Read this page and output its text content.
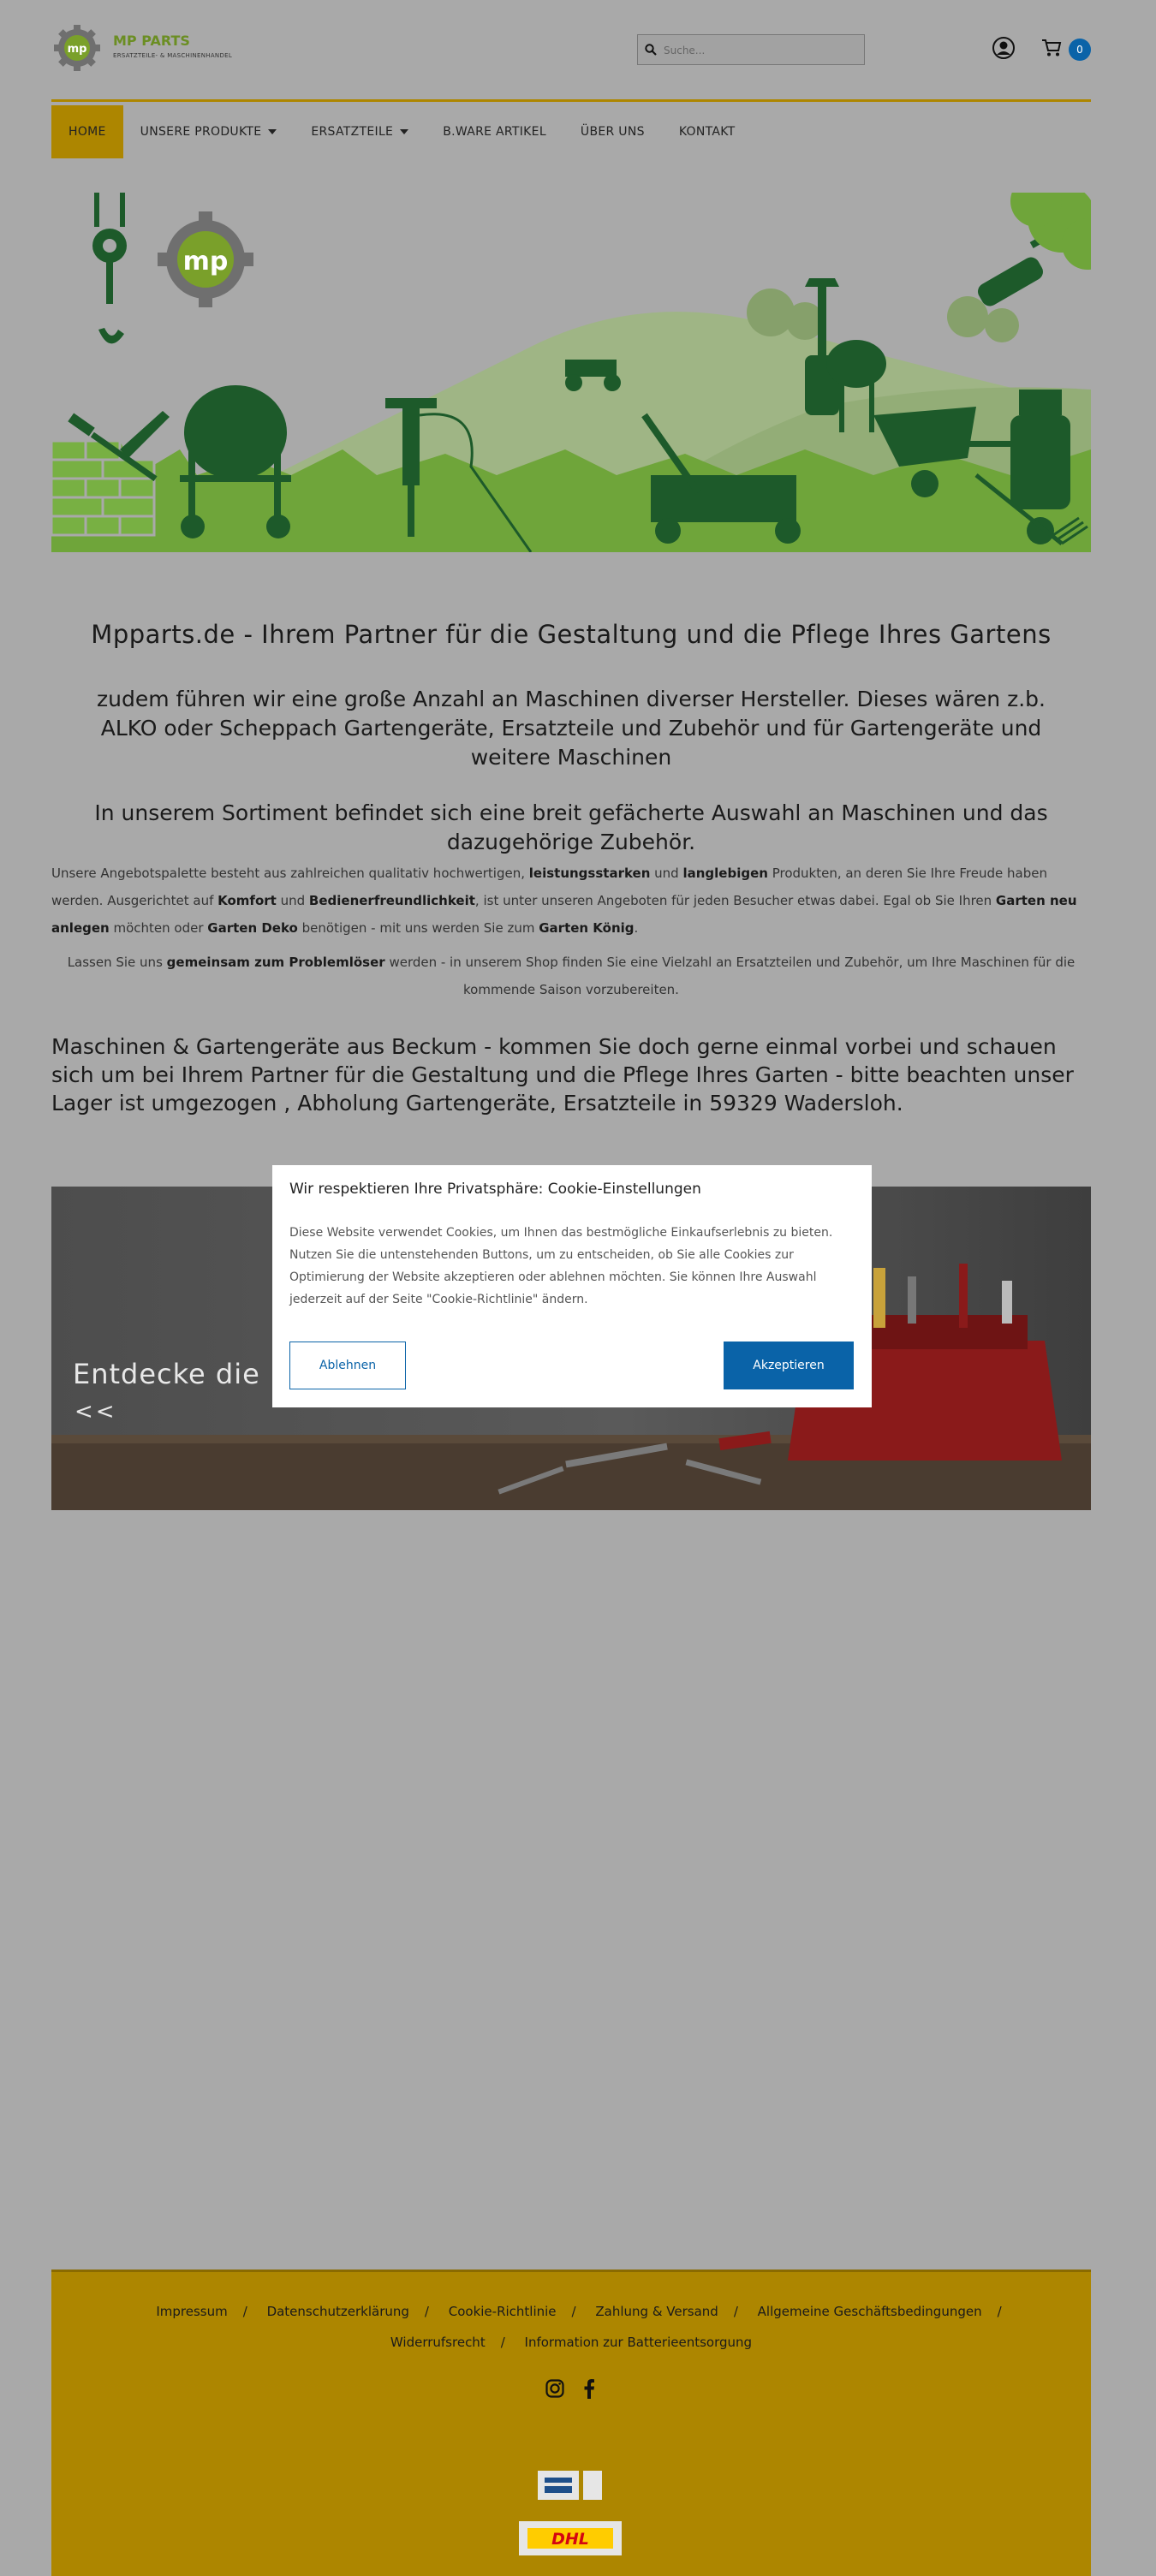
mp
MP PARTS
ERSATZTEILE- & MASCHINENHANDEL
Suche...	0
HOME	UNSERE PRODUKTE	ERSATZTEILE	B.WARE ARTIKEL	ÜBER UNS	KONTAKT
mp
Mpparts.de - Ihrem Partner für die Gestaltung und die Pflege Ihres Gartens
zudem führen wir eine große Anzahl an Maschinen diverser Hersteller. Dieses wären z.b. ALKO oder Scheppach Gartengeräte, Ersatzteile und Zubehör und für Gartengeräte und weitere Maschinen
In unserem Sortiment befindet sich eine breit gefächerte Auswahl an Maschinen und das dazugehörige Zubehör.
Unsere Angebotspalette besteht aus zahlreichen qualitativ hochwertigen, leistungsstarken und langlebigen Produkten, an deren Sie Ihre Freude haben werden. Ausgerichtet auf Komfort und Bedienerfreundlichkeit, ist unter unseren Angeboten für jeden Besucher etwas dabei. Egal ob Sie Ihren Garten neu anlegen möchten oder Garten Deko benötigen - mit uns werden Sie zum Garten König.
Lassen Sie uns gemeinsam zum Problemlöser werden - in unserem Shop finden Sie eine Vielzahl an Ersatzteilen und Zubehör, um Ihre Maschinen für die kommende Saison vorzubereiten.
Maschinen & Gartengeräte aus Beckum - kommen Sie doch gerne einmal vorbei und schauen sich um bei Ihrem Partner für die Gestaltung und die Pflege Ihres Garten - bitte beachten unser Lager ist umgezogen , Abholung Gartengeräte, Ersatzteile in 59329 Wadersloh.
Entdecke die
<<
Wir respektieren Ihre Privatsphäre: Cookie-Einstellungen
Diese Website verwendet Cookies, um Ihnen das bestmögliche Einkaufserlebnis zu bieten. Nutzen Sie die untenstehenden Buttons, um zu entscheiden, ob Sie alle Cookies zur Optimierung der Website akzeptieren oder ablehnen möchten. Sie können Ihre Auswahl jederzeit auf der Seite "Cookie-Richtlinie" ändern.
Ablehnen	Akzeptieren
Impressum / Datenschutzerklärung / Cookie-Richtlinie / Zahlung & Versand / Allgemeine Geschäftsbedingungen /
Widerrufsrecht / Information zur Batterieentsorgung
DHL
